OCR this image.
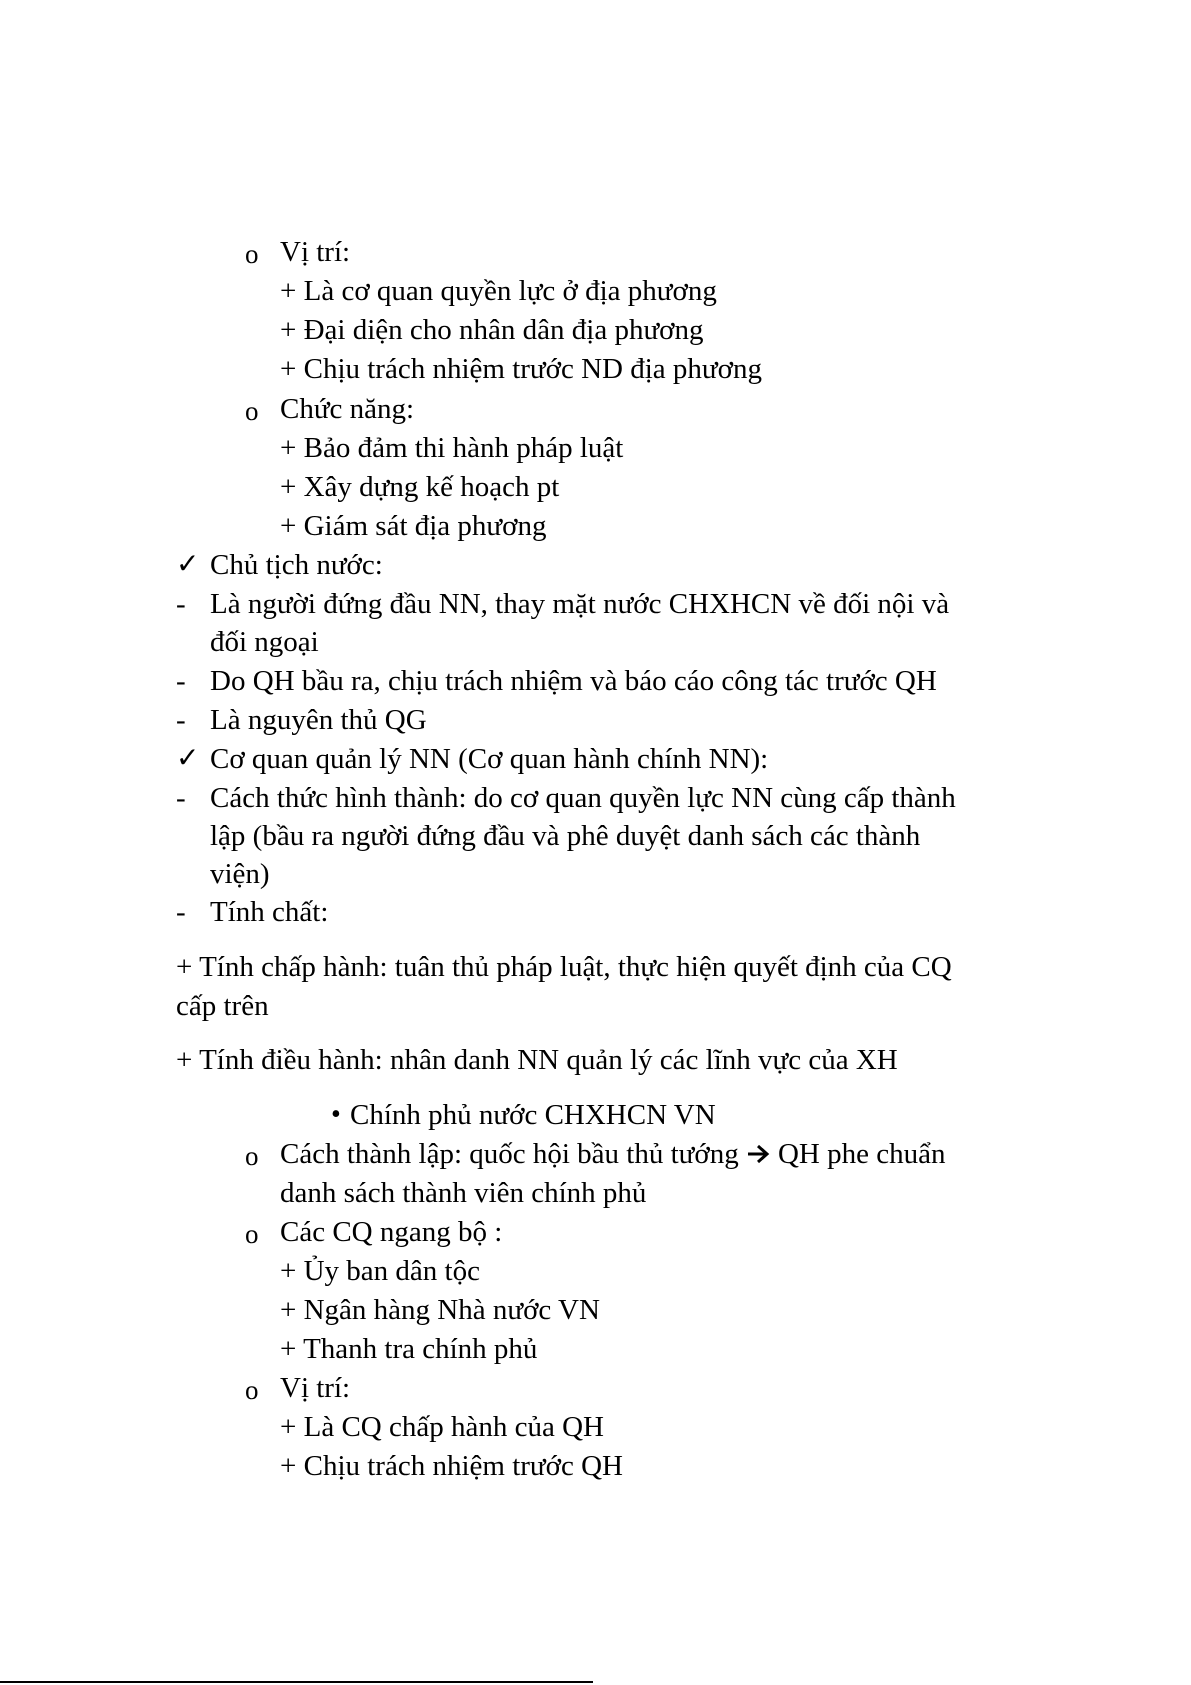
o Vị trí:
+ Là cơ quan quyền lực ở địa phương
+ Đại diện cho nhân dân địa phương
+ Chịu trách nhiệm trước ND địa phương
o Chức năng:
+ Bảo đảm thi hành pháp luật
+ Xây dựng kế hoạch pt
+ Giám sát địa phương
✓ Chủ tịch nước:
- Là người đứng đầu NN, thay mặt nước CHXHCN về đối nội và
đối ngoại
- Do QH bầu ra, chịu trách nhiệm và báo cáo công tác trước QH
- Là nguyên thủ QG
✓ Cơ quan quản lý NN (Cơ quan hành chính NN):
- Cách thức hình thành: do cơ quan quyền lực NN cùng cấp thành
lập (bầu ra người đứng đầu và phê duyệt danh sách các thành
viện)
- Tính chất:
+ Tính chấp hành: tuân thủ pháp luật, thực hiện quyết định của CQ
cấp trên
+ Tính điều hành: nhân danh NN quản lý các lĩnh vực của XH
• Chính phủ nước CHXHCN VN
o Cách thành lập: quốc hội bầu thủ tướng QH phe chuẩn
danh sách thành viên chính phủ
o Các CQ ngang bộ :
+ Ủy ban dân tộc
+ Ngân hàng Nhà nước VN
+ Thanh tra chính phủ
o Vị trí:
+ Là CQ chấp hành của QH
+ Chịu trách nhiệm trước QH
